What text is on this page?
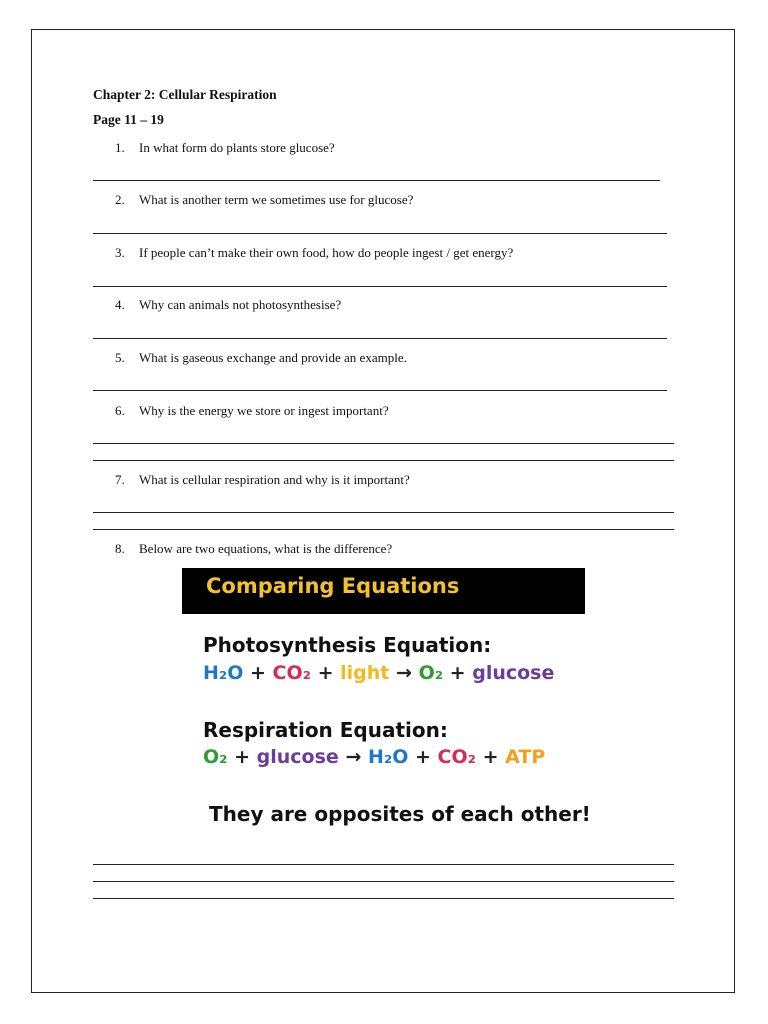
Chapter 2: Cellular Respiration
Page 11 – 19
1. In what form do plants store glucose?
2. What is another term we sometimes use for glucose?
3. If people can’t make their own food, how do people ingest / get energy?
4. Why can animals not photosynthesise?
5. What is gaseous exchange and provide an example.
6. Why is the energy we store or ingest important?
7. What is cellular respiration and why is it important?
8. Below are two equations, what is the difference?
Comparing Equations
Photosynthesis Equation:
H₂O + CO₂ + light → O₂ + glucose
Respiration Equation:
O₂ + glucose → H₂O + CO₂ + ATP
They are opposites of each other!
